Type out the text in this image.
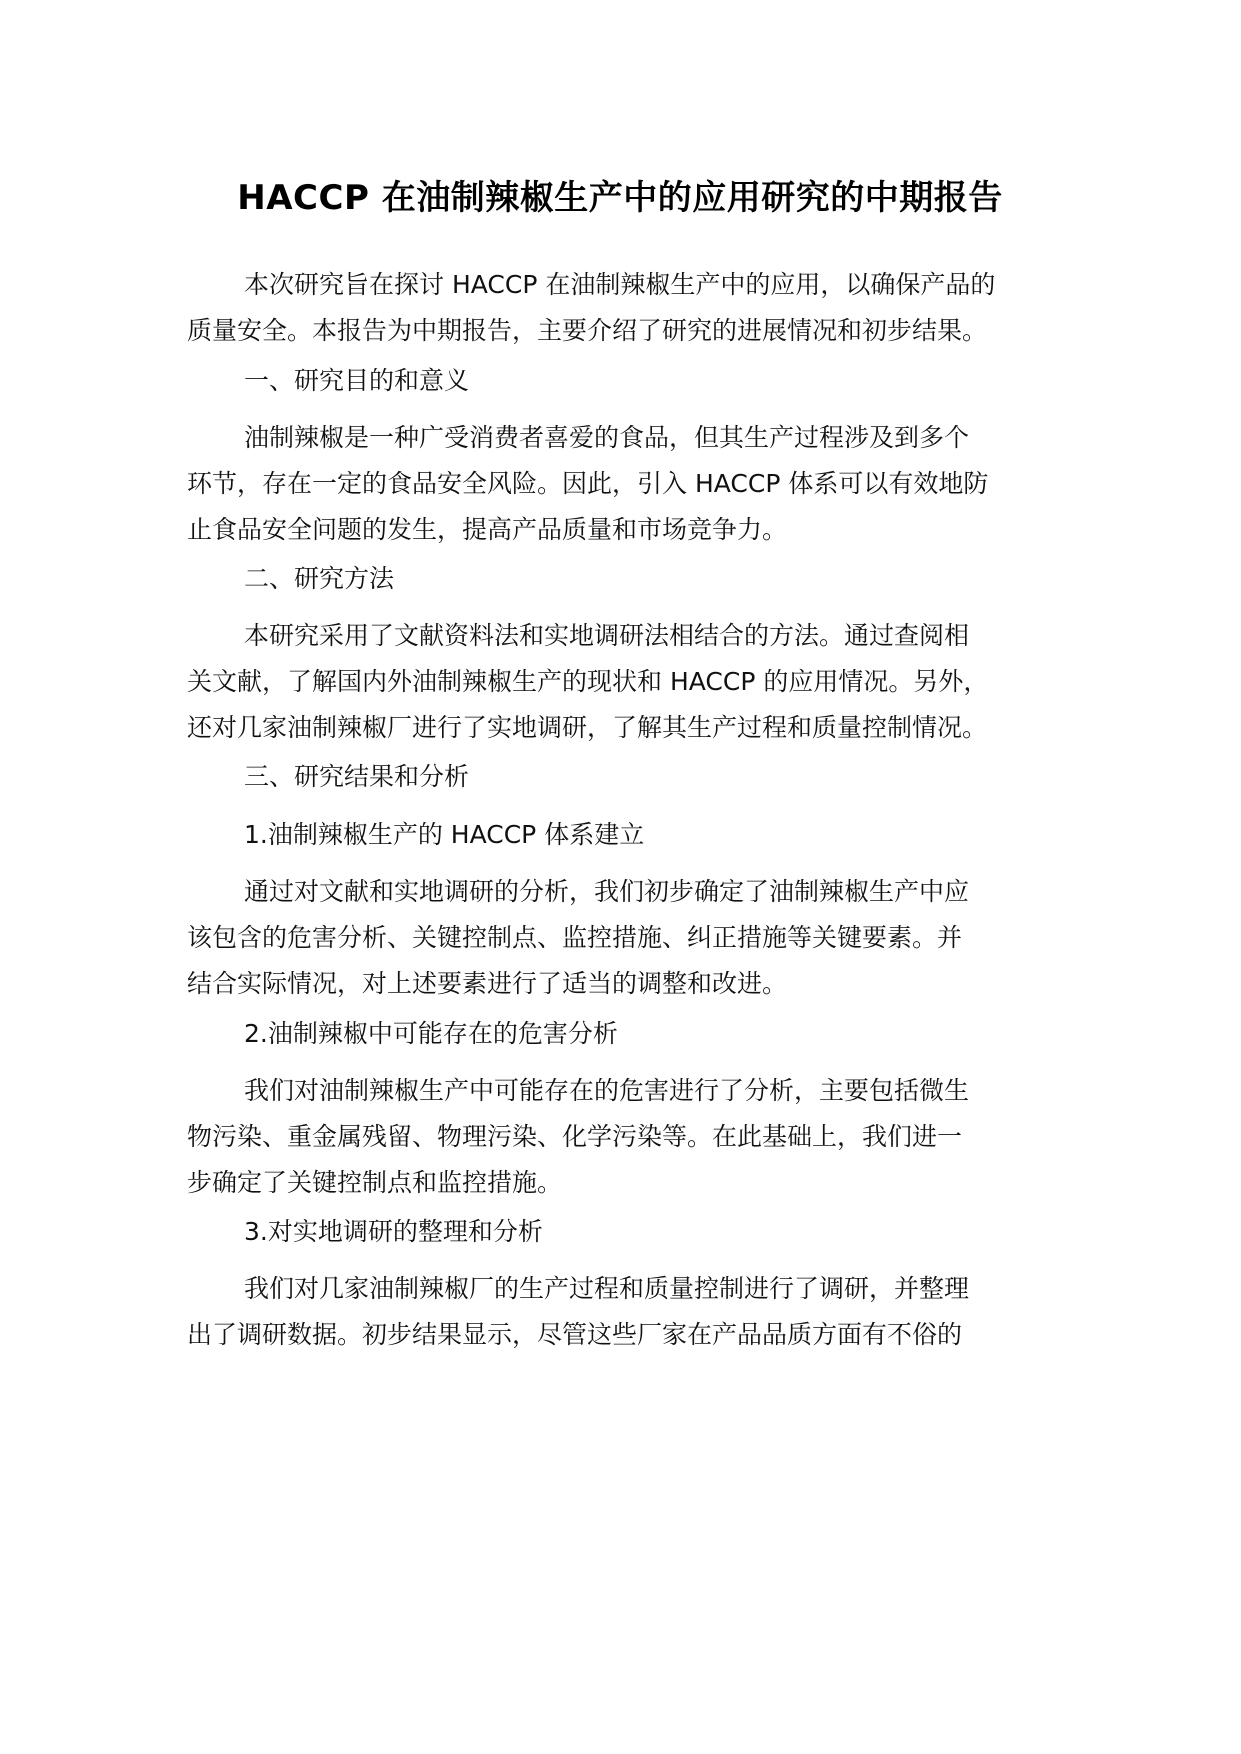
HACCP 在油制辣椒生产中的应用研究的中期报告
本次研究旨在探讨 HACCP 在油制辣椒生产中的应用，以确保产品的
质量安全。本报告为中期报告，主要介绍了研究的进展情况和初步结果。
一、研究目的和意义
油制辣椒是一种广受消费者喜爱的食品，但其生产过程涉及到多个
环节，存在一定的食品安全风险。因此，引入 HACCP 体系可以有效地防
止食品安全问题的发生，提高产品质量和市场竞争力。
二、研究方法
本研究采用了文献资料法和实地调研法相结合的方法。通过查阅相
关文献，了解国内外油制辣椒生产的现状和 HACCP 的应用情况。另外，
还对几家油制辣椒厂进行了实地调研，了解其生产过程和质量控制情况。
三、研究结果和分析
1.油制辣椒生产的 HACCP 体系建立
通过对文献和实地调研的分析，我们初步确定了油制辣椒生产中应
该包含的危害分析、关键控制点、监控措施、纠正措施等关键要素。并
结合实际情况，对上述要素进行了适当的调整和改进。
2.油制辣椒中可能存在的危害分析
我们对油制辣椒生产中可能存在的危害进行了分析，主要包括微生
物污染、重金属残留、物理污染、化学污染等。在此基础上，我们进一
步确定了关键控制点和监控措施。
3.对实地调研的整理和分析
我们对几家油制辣椒厂的生产过程和质量控制进行了调研，并整理
出了调研数据。初步结果显示，尽管这些厂家在产品品质方面有不俗的
